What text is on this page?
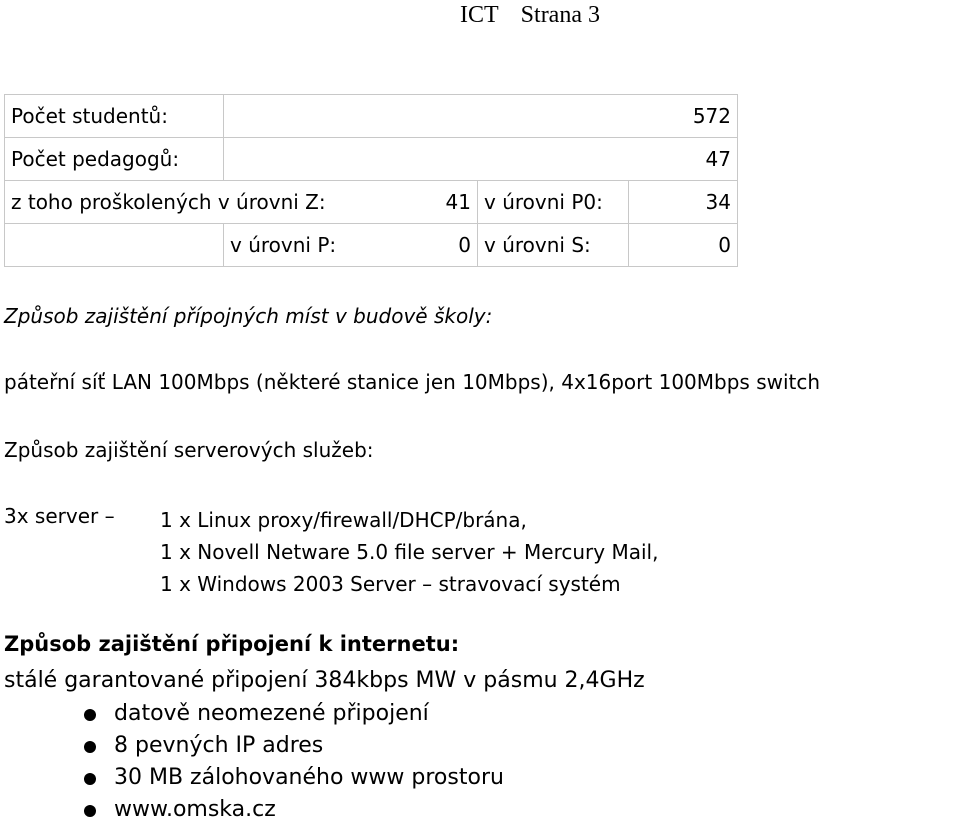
ICT Strana 3
Počet studentů:	572		
Počet pedagogů:	47		
z toho proškolených v úrovni Z: 41		v úrovni P0:	34
	v úrovni P: 0	v úrovni S:	0
Způsob zajištění přípojných míst v budově školy:
páteřní síť LAN 100Mbps (některé stanice jen 10Mbps), 4x16port 100Mbps switch
Způsob zajištění serverových služeb:
3x server – 1 x Linux proxy/firewall/DHCP/brána,
1 x Novell Netware 5.0 file server + Mercury Mail,
1 x Windows 2003 Server – stravovací systém
Způsob zajištění připojení k internetu:
stálé garantované připojení 384kbps MW v pásmu 2,4GHz
datově neomezené připojení
8 pevných IP adres
30 MB zálohovaného www prostoru
www.omska.cz
